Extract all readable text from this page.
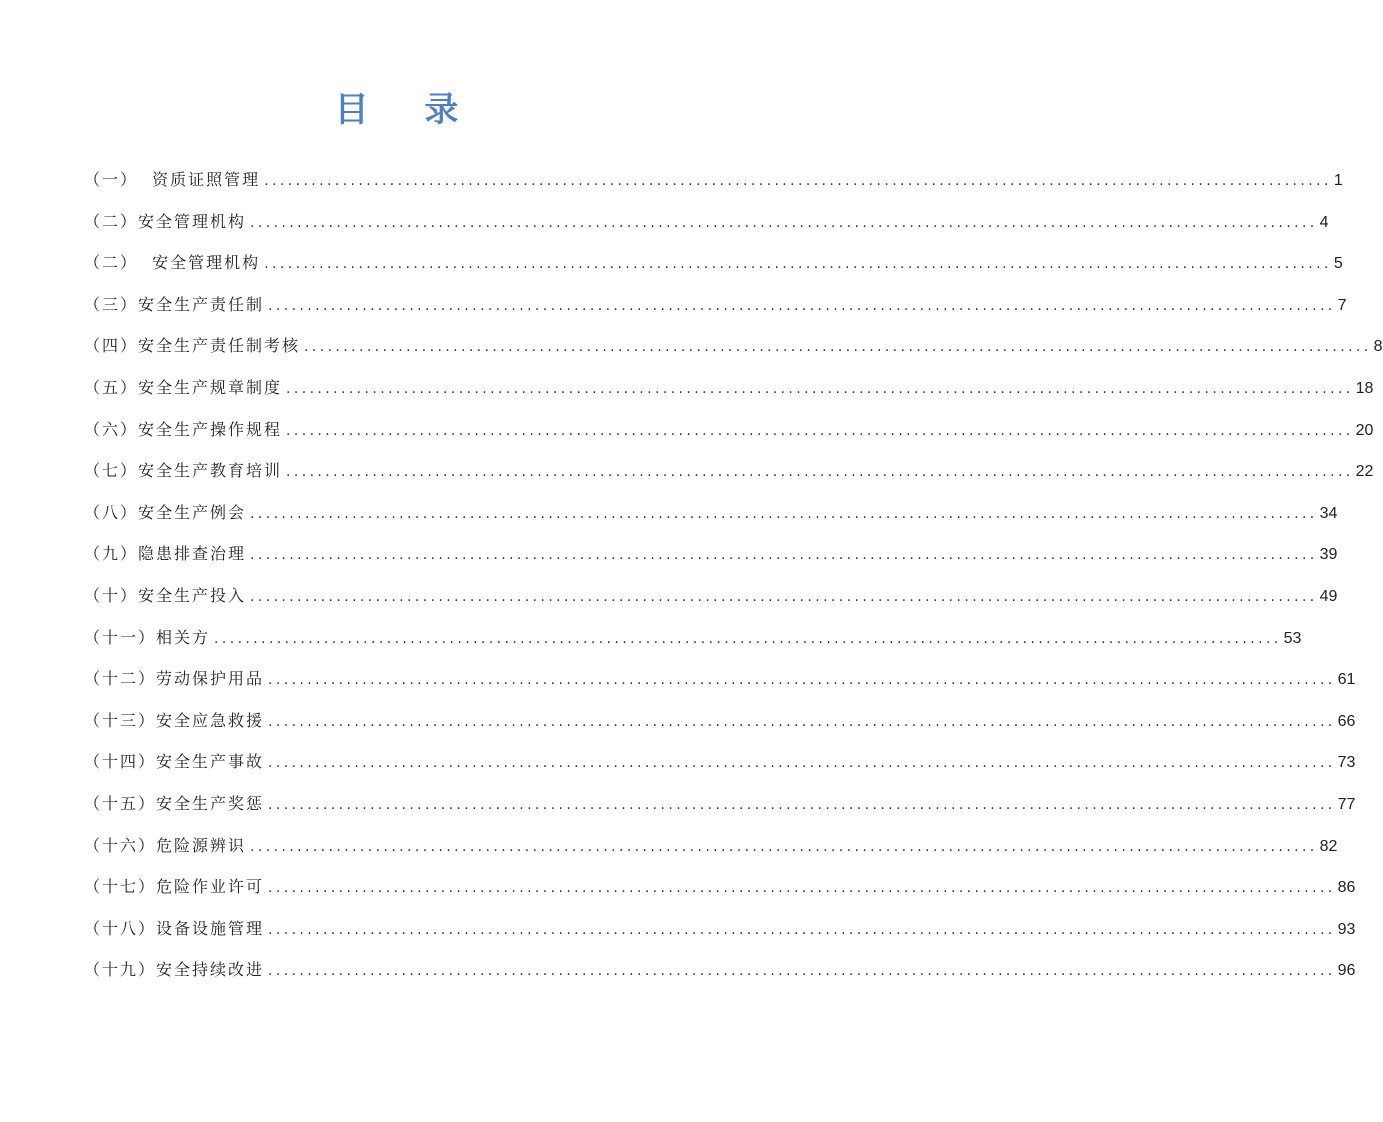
目 录
（一）  资质证照管理 ........................................................................................................................................ 1
（二）安全管理机构 ........................................................................................................................................ 4
（二）  安全管理机构 ........................................................................................................................................ 5
（三）安全生产责任制 ........................................................................................................................................ 7
（四）安全生产责任制考核 ........................................................................................................................................ 8
（五）安全生产规章制度 ........................................................................................................................................ 18
（六）安全生产操作规程 ........................................................................................................................................ 20
（七）安全生产教育培训 ........................................................................................................................................ 22
（八）安全生产例会 ........................................................................................................................................ 34
（九）隐患排查治理 ........................................................................................................................................ 39
（十）安全生产投入 ........................................................................................................................................ 49
（十一）相关方 ........................................................................................................................................ 53
（十二）劳动保护用品 ........................................................................................................................................ 61
（十三）安全应急救援 ........................................................................................................................................ 66
（十四）安全生产事故 ........................................................................................................................................ 73
（十五）安全生产奖惩 ........................................................................................................................................ 77
（十六）危险源辨识 ........................................................................................................................................ 82
（十七）危险作业许可 ........................................................................................................................................ 86
（十八）设备设施管理 ........................................................................................................................................ 93
（十九）安全持续改进 ........................................................................................................................................ 96
